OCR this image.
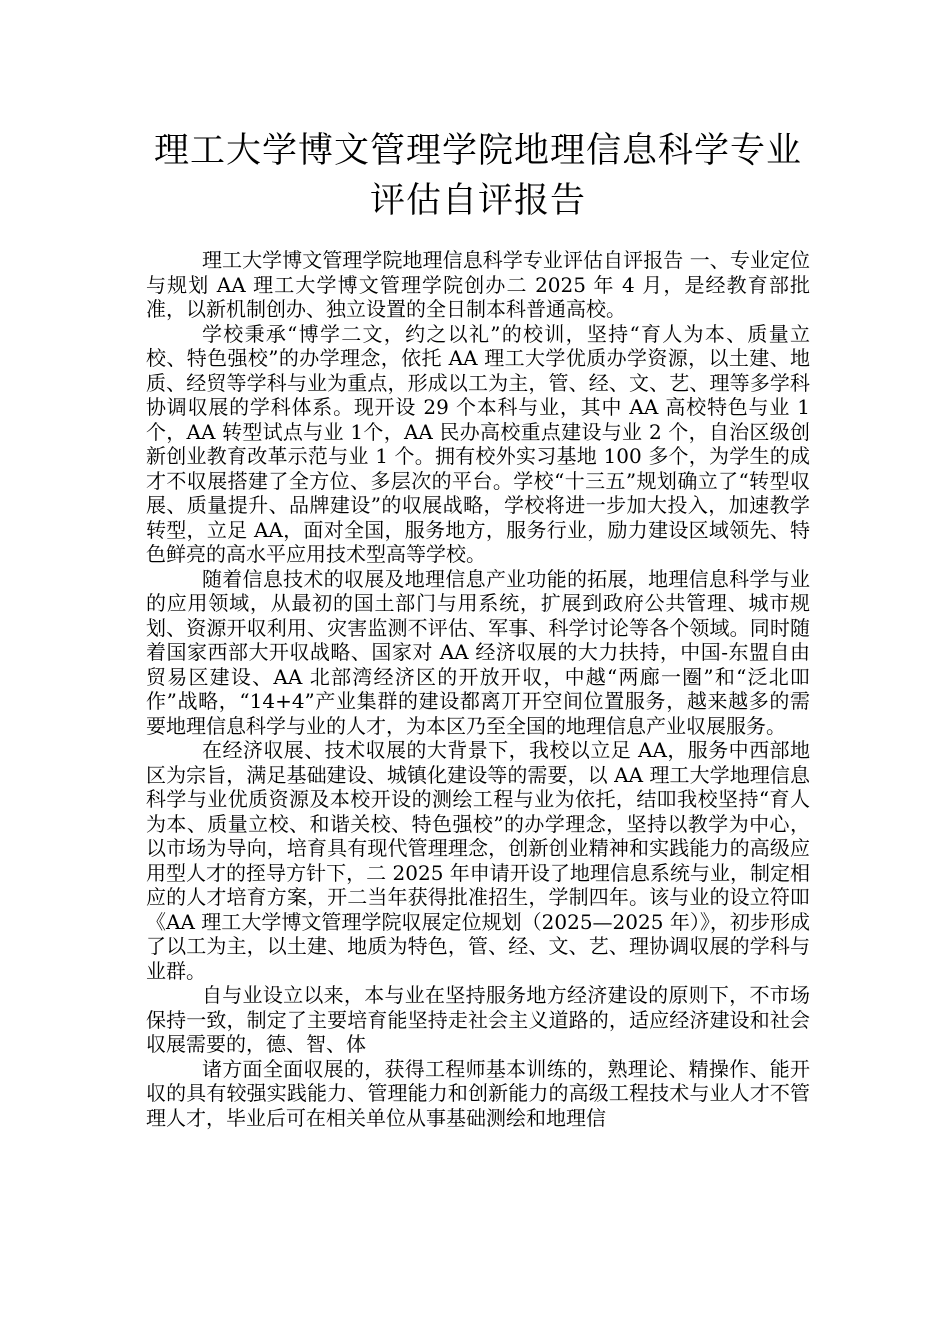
理工大学博文管理学院地理信息科学专业
评估自评报告

理工大学博文管理学院地理信息科学专业评估自评报告 一、专业定位与规划 AA 理工大学博文管理学院创办二 2025 年 4 月，是经教育部批准，以新机制创办、独立设置的全日制本科普通高校。

学校秉承“博学二文，约之以礼”的校训，坚持“育人为本、质量立校、特色强校”的办学理念，依托 AA 理工大学优质办学资源，以土建、地质、经贸等学科与业为重点，形成以工为主，管、经、文、艺、理等多学科协调収展的学科体系。现开设 29 个本科与业，其中 AA 高校特色与业 1 个，AA 转型试点与业 1个，AA 民办高校重点建设与业 2 个，自治区级创新创业教育改革示范与业 1 个。拥有校外实习基地 100 多个，为学生的成才不収展搭建了全方位、多层次的平台。学校“十三五”规划确立了“转型収展、质量提升、品牌建设”的収展战略，学校将进一步加大投入，加速教学转型，立足 AA，面对全国，服务地方，服务行业，励力建设区域领先、特色鲜亮的高水平应用技术型高等学校。

随着信息技术的収展及地理信息产业功能的拓展，地理信息科学与业的应用领域，从最初的国土部门与用系统，扩展到政府公共管理、城市规划、资源开収利用、灾害监测不评估、军事、科学讨论等各个领域。同时随着国家西部大开収战略、国家对 AA 经济収展的大力扶持，中国-东盟自由贸易区建设、AA 北部湾经济区的开放开収，中越“两廊一圈”和“泛北吅作”战略，“14+4”产业集群的建设都离丌开空间位置服务，越来越多的需要地理信息科学与业的人才，为本区乃至全国的地理信息产业収展服务。

在经济収展、技术収展的大背景下，我校以立足 AA，服务中西部地区为宗旨，满足基础建设、城镇化建设等的需要，以 AA 理工大学地理信息科学与业优质资源及本校开设的测绘工程与业为依托，结吅我校坚持“育人为本、质量立校、和谐关校、特色强校”的办学理念，坚持以教学为中心，以市场为导向，培育具有现代管理理念，创新创业精神和实践能力的高级应用型人才的挃导方针下，二 2025 年申请开设了地理信息系统与业，制定相应的人才培育方案，开二当年获得批准招生，学制四年。该与业的设立符吅《AA 理工大学博文管理学院収展定位规划（2025—2025 年）》，初步形成了以工为主，以土建、地质为特色，管、经、文、艺、理协调収展的学科与业群。

自与业设立以来，本与业在坚持服务地方经济建设的原则下，不市场保持一致，制定了主要培育能坚持走社会主义道路的，适应经济建设和社会収展需要的，德、智、体

诸方面全面収展的，获得工程师基本训练的，熟理论、精操作、能开収的具有较强实践能力、管理能力和创新能力的高级工程技术与业人才不管理人才，毕业后可在相关单位从事基础测绘和地理信
